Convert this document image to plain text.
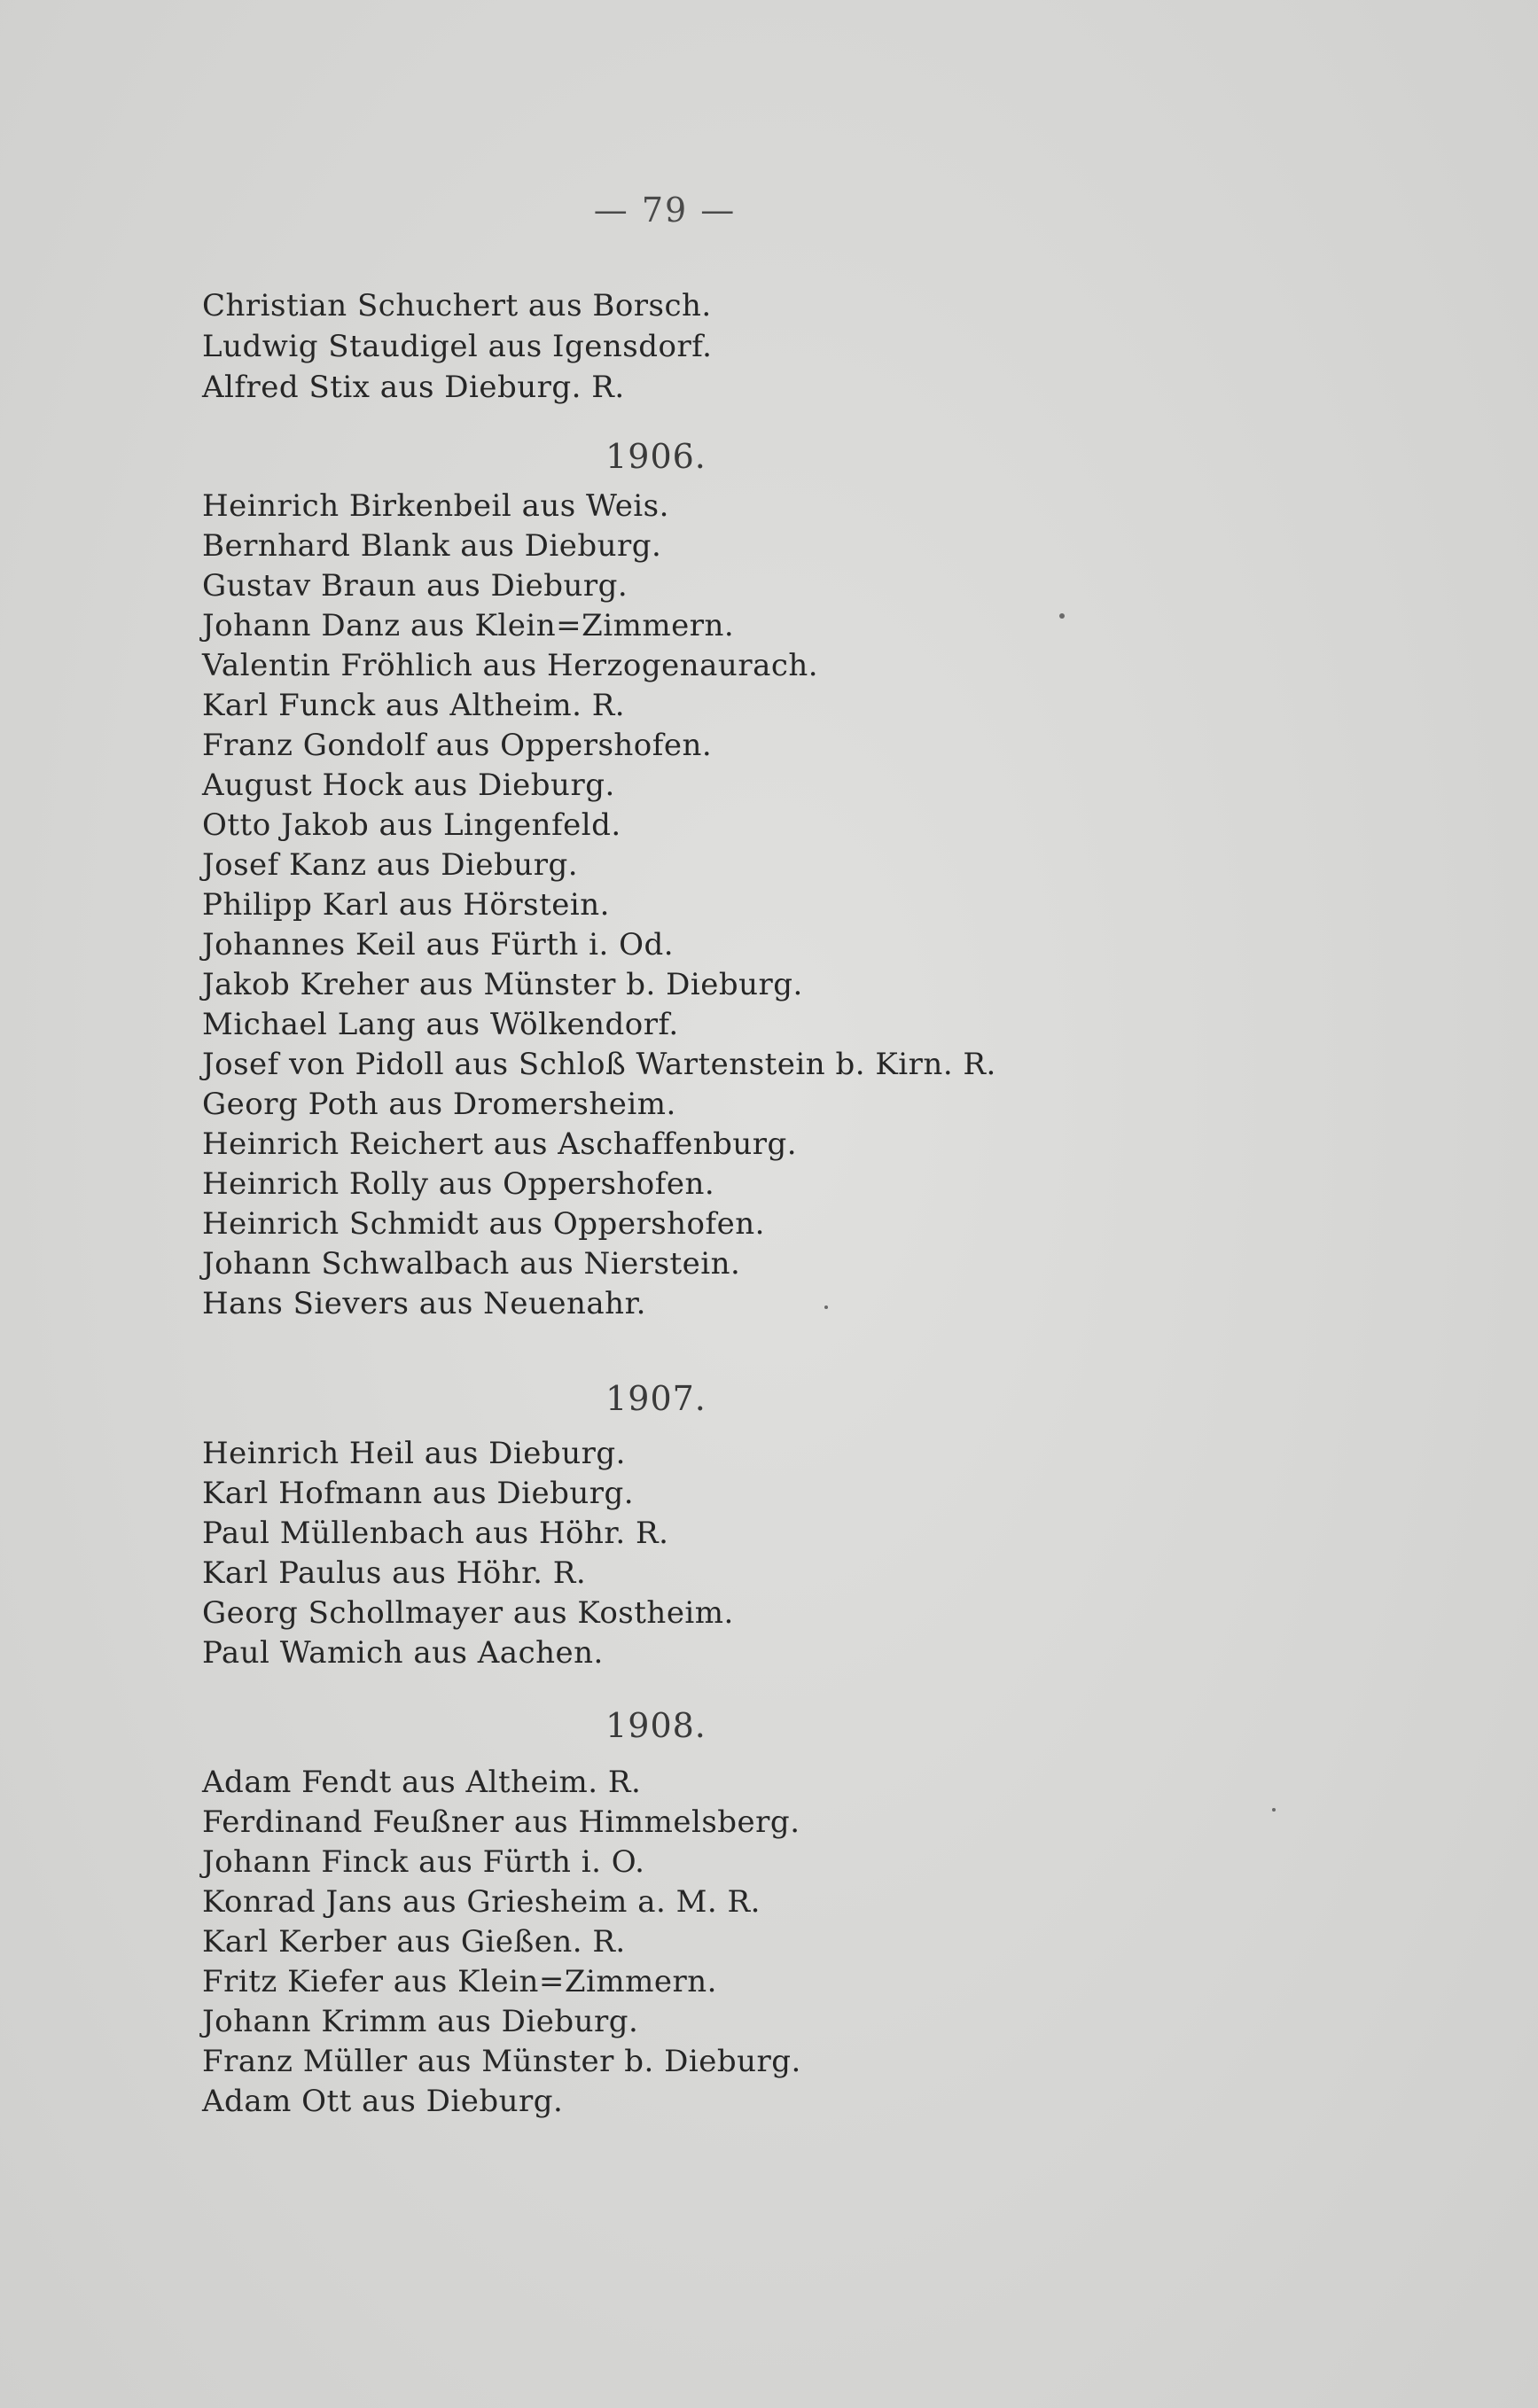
— 79 —
Christian Schuchert aus Borsch.
Ludwig Staudigel aus Igensdorf.
Alfred Stix aus Dieburg. R.
1906.
Heinrich Birkenbeil aus Weis.
Bernhard Blank aus Dieburg.
Gustav Braun aus Dieburg.
Johann Danz aus Klein=Zimmern.
Valentin Fröhlich aus Herzogenaurach.
Karl Funck aus Altheim. R.
Franz Gondolf aus Oppershofen.
August Hock aus Dieburg.
Otto Jakob aus Lingenfeld.
Josef Kanz aus Dieburg.
Philipp Karl aus Hörstein.
Johannes Keil aus Fürth i. Od.
Jakob Kreher aus Münster b. Dieburg.
Michael Lang aus Wölkendorf.
Josef von Pidoll aus Schloß Wartenstein b. Kirn. R.
Georg Poth aus Dromersheim.
Heinrich Reichert aus Aschaffenburg.
Heinrich Rolly aus Oppershofen.
Heinrich Schmidt aus Oppershofen.
Johann Schwalbach aus Nierstein.
Hans Sievers aus Neuenahr.
1907.
Heinrich Heil aus Dieburg.
Karl Hofmann aus Dieburg.
Paul Müllenbach aus Höhr. R.
Karl Paulus aus Höhr. R.
Georg Schollmayer aus Kostheim.
Paul Wamich aus Aachen.
1908.
Adam Fendt aus Altheim. R.
Ferdinand Feußner aus Himmelsberg.
Johann Finck aus Fürth i. O.
Konrad Jans aus Griesheim a. M. R.
Karl Kerber aus Gießen. R.
Fritz Kiefer aus Klein=Zimmern.
Johann Krimm aus Dieburg.
Franz Müller aus Münster b. Dieburg.
Adam Ott aus Dieburg.
